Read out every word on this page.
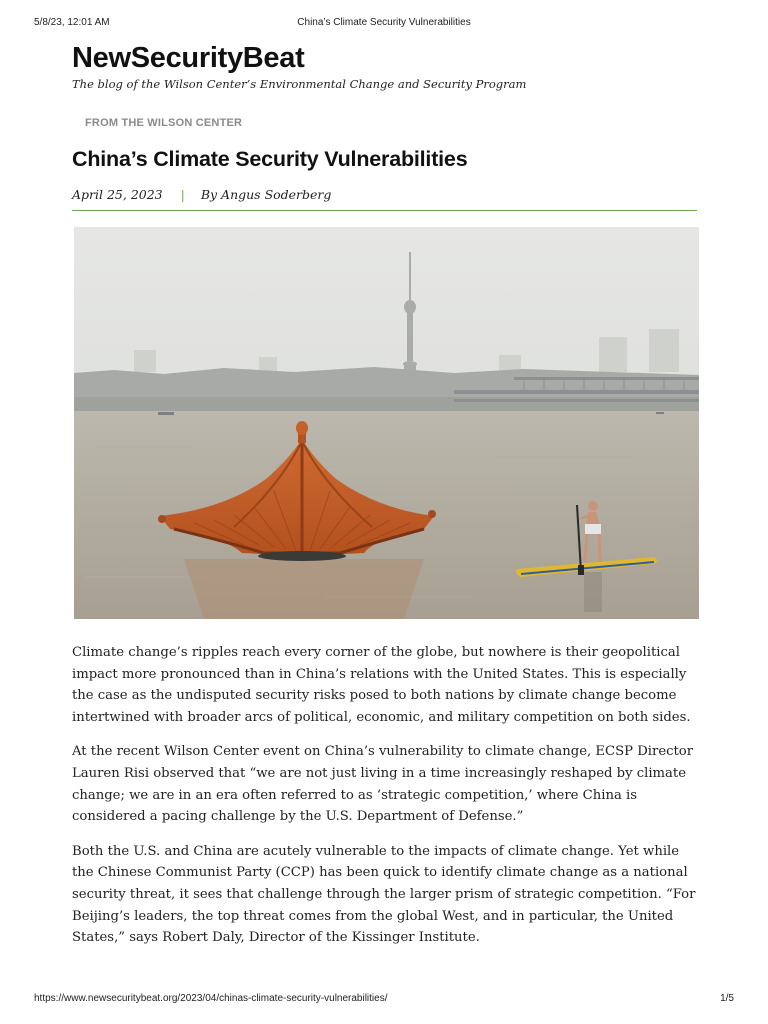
5/8/23, 12:01 AM	China’s Climate Security Vulnerabilities
NewSecurityBeat
The blog of the Wilson Center’s Environmental Change and Security Program
FROM THE WILSON CENTER
China’s Climate Security Vulnerabilities
April 25, 2023 | By Angus Soderberg

Climate change’s ripples reach every corner of the globe, but nowhere is their geopolitical impact more pronounced than in China’s relations with the United States. This is especially the case as the undisputed security risks posed to both nations by climate change become intertwined with broader arcs of political, economic, and military competition on both sides.

At the recent Wilson Center event on China’s vulnerability to climate change, ECSP Director Lauren Risi observed that “we are not just living in a time increasingly reshaped by climate change; we are in an era often referred to as ‘strategic competition,’ where China is considered a pacing challenge by the U.S. Department of Defense.”

Both the U.S. and China are acutely vulnerable to the impacts of climate change. Yet while the Chinese Communist Party (CCP) has been quick to identify climate change as a national security threat, it sees that challenge through the larger prism of strategic competition. “For Beijing’s leaders, the top threat comes from the global West, and in particular, the United States,” says Robert Daly, Director of the Kissinger Institute.

https://www.newsecuritybeat.org/2023/04/chinas-climate-security-vulnerabilities/	1/5
